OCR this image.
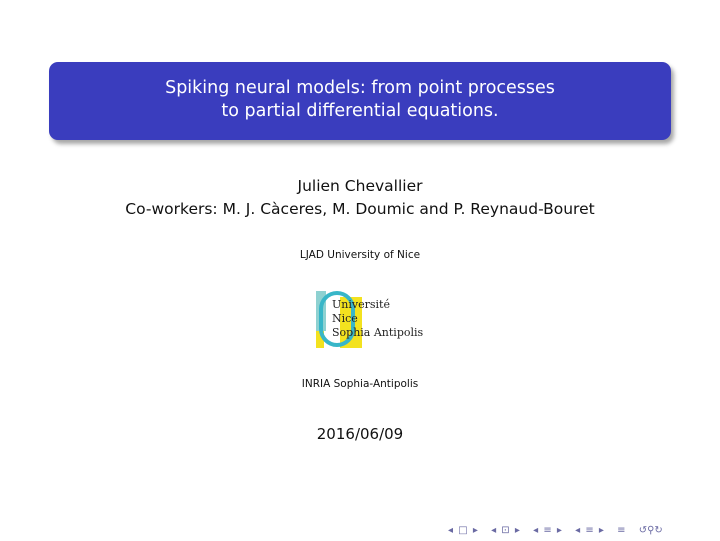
Spiking neural models: from point processes
to partial differential equations.
Julien Chevallier
Co-workers: M. J. Càceres, M. Doumic and P. Reynaud-Bouret
LJAD University of Nice
Université
Nice
Sophia Antipolis
INRIA Sophia-Antipolis
2016/06/09
◂ □ ▸ ◂ ⊡ ▸ ◂ ≡ ▸ ◂ ≡ ▸ ≡ ↺⚲↻
